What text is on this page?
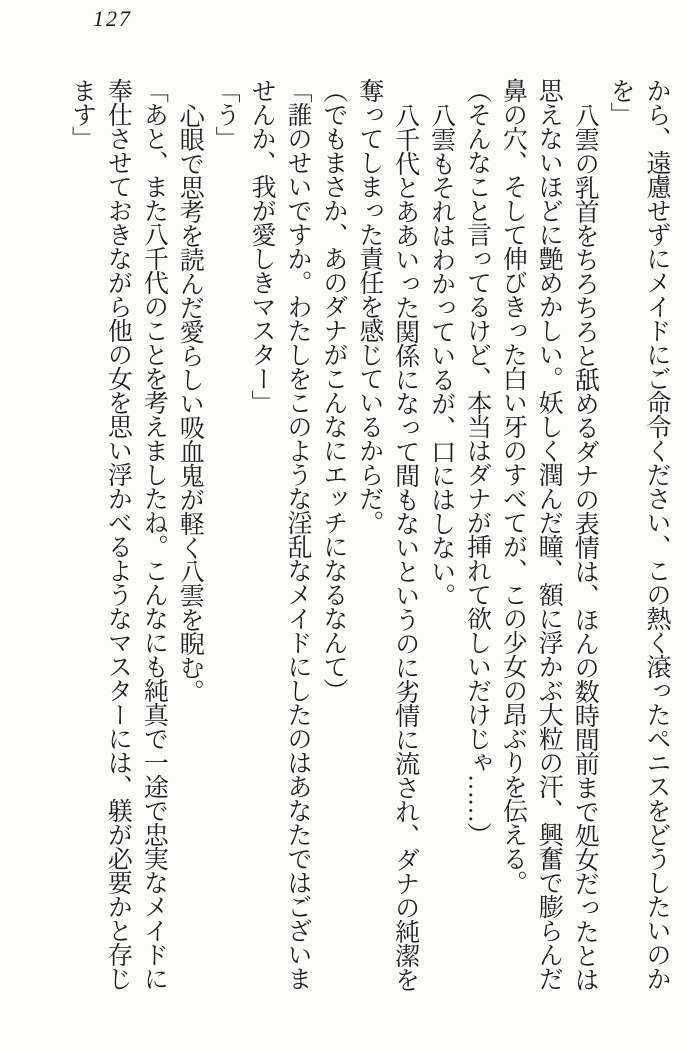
127

から、遠慮せずにメイドにご命令ください、この熱く滾ったペニスをどうしたいのか

を」

八雲の乳首をちろちろと舐めるダナの表情は、ほんの数時間前まで処女だったとは

思えないほどに艶めかしい。妖しく潤んだ瞳、額に浮かぶ大粒の汗、興奮で膨らんだ

鼻の穴、そして伸びきった白い牙のすべてが、この少女の昂ぶりを伝える。

（そんなこと言ってるけど、本当はダナが挿れて欲しいだけじゃ……）

八雲もそれはわかっているが、口にはしない。

八千代とああいった関係になって間もないというのに劣情に流され、ダナの純潔を

奪ってしまった責任を感じているからだ。

（でもまさか、あのダナがこんなにエッチになるなんて）

「誰のせいですか。わたしをこのような淫乱なメイドにしたのはあなたではございま

せんか、我が愛しきマスター」

「う」

心眼で思考を読んだ愛らしい吸血鬼が軽く八雲を睨む。

「あと、また八千代のことを考えましたね。こんなにも純真で一途で忠実なメイドに

奉仕させておきながら他の女を思い浮かべるようなマスターには、躾が必要かと存じ

ます」
